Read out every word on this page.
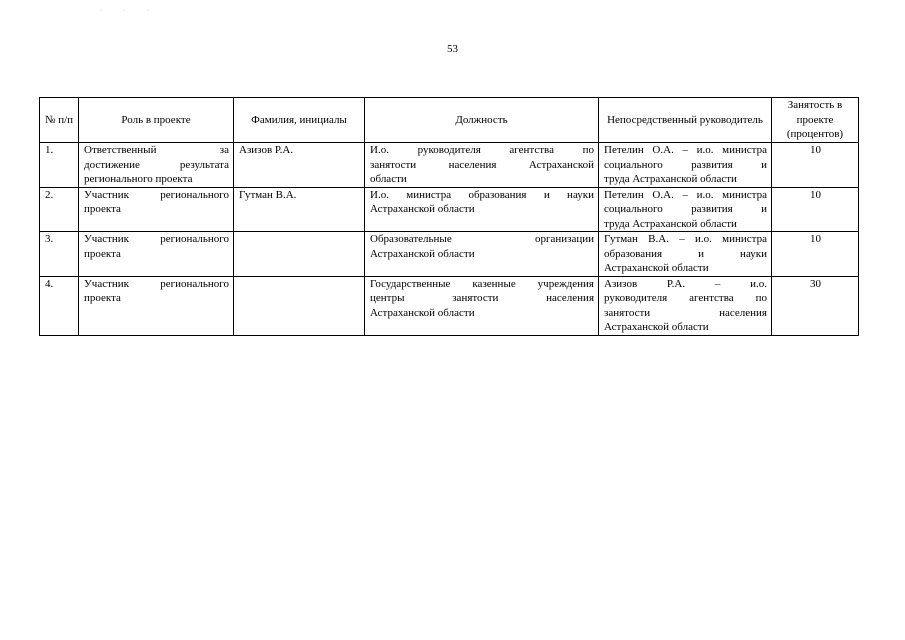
· · ·
53
№ п/п	Роль в проекте	Фамилия, инициалы	Должность	Непосредственный руководитель	Занятость в проекте (процентов)
1.	Ответственный за
достижение результата
регионального проекта	Азизов Р.А.	И.о. руководителя агентства по
занятости населения Астраханской
области	Петелин О.А. – и.о. министра
социального развития и
труда Астраханской области	10
2.	Участник регионального
проекта	Гутман В.А.	И.о. министра образования и науки
Астраханской области	Петелин О.А. – и.о. министра
социального развития и
труда Астраханской области	10
3.	Участник регионального
проекта		Образовательные организации
Астраханской области	Гутман В.А. – и.о. министра
образования и науки
Астраханской области	10
4.	Участник регионального
проекта		Государственные казенные учреждения
центры занятости населения
Астраханской области	Азизов Р.А. – и.о.
руководителя агентства по
занятости населения
Астраханской области	30
